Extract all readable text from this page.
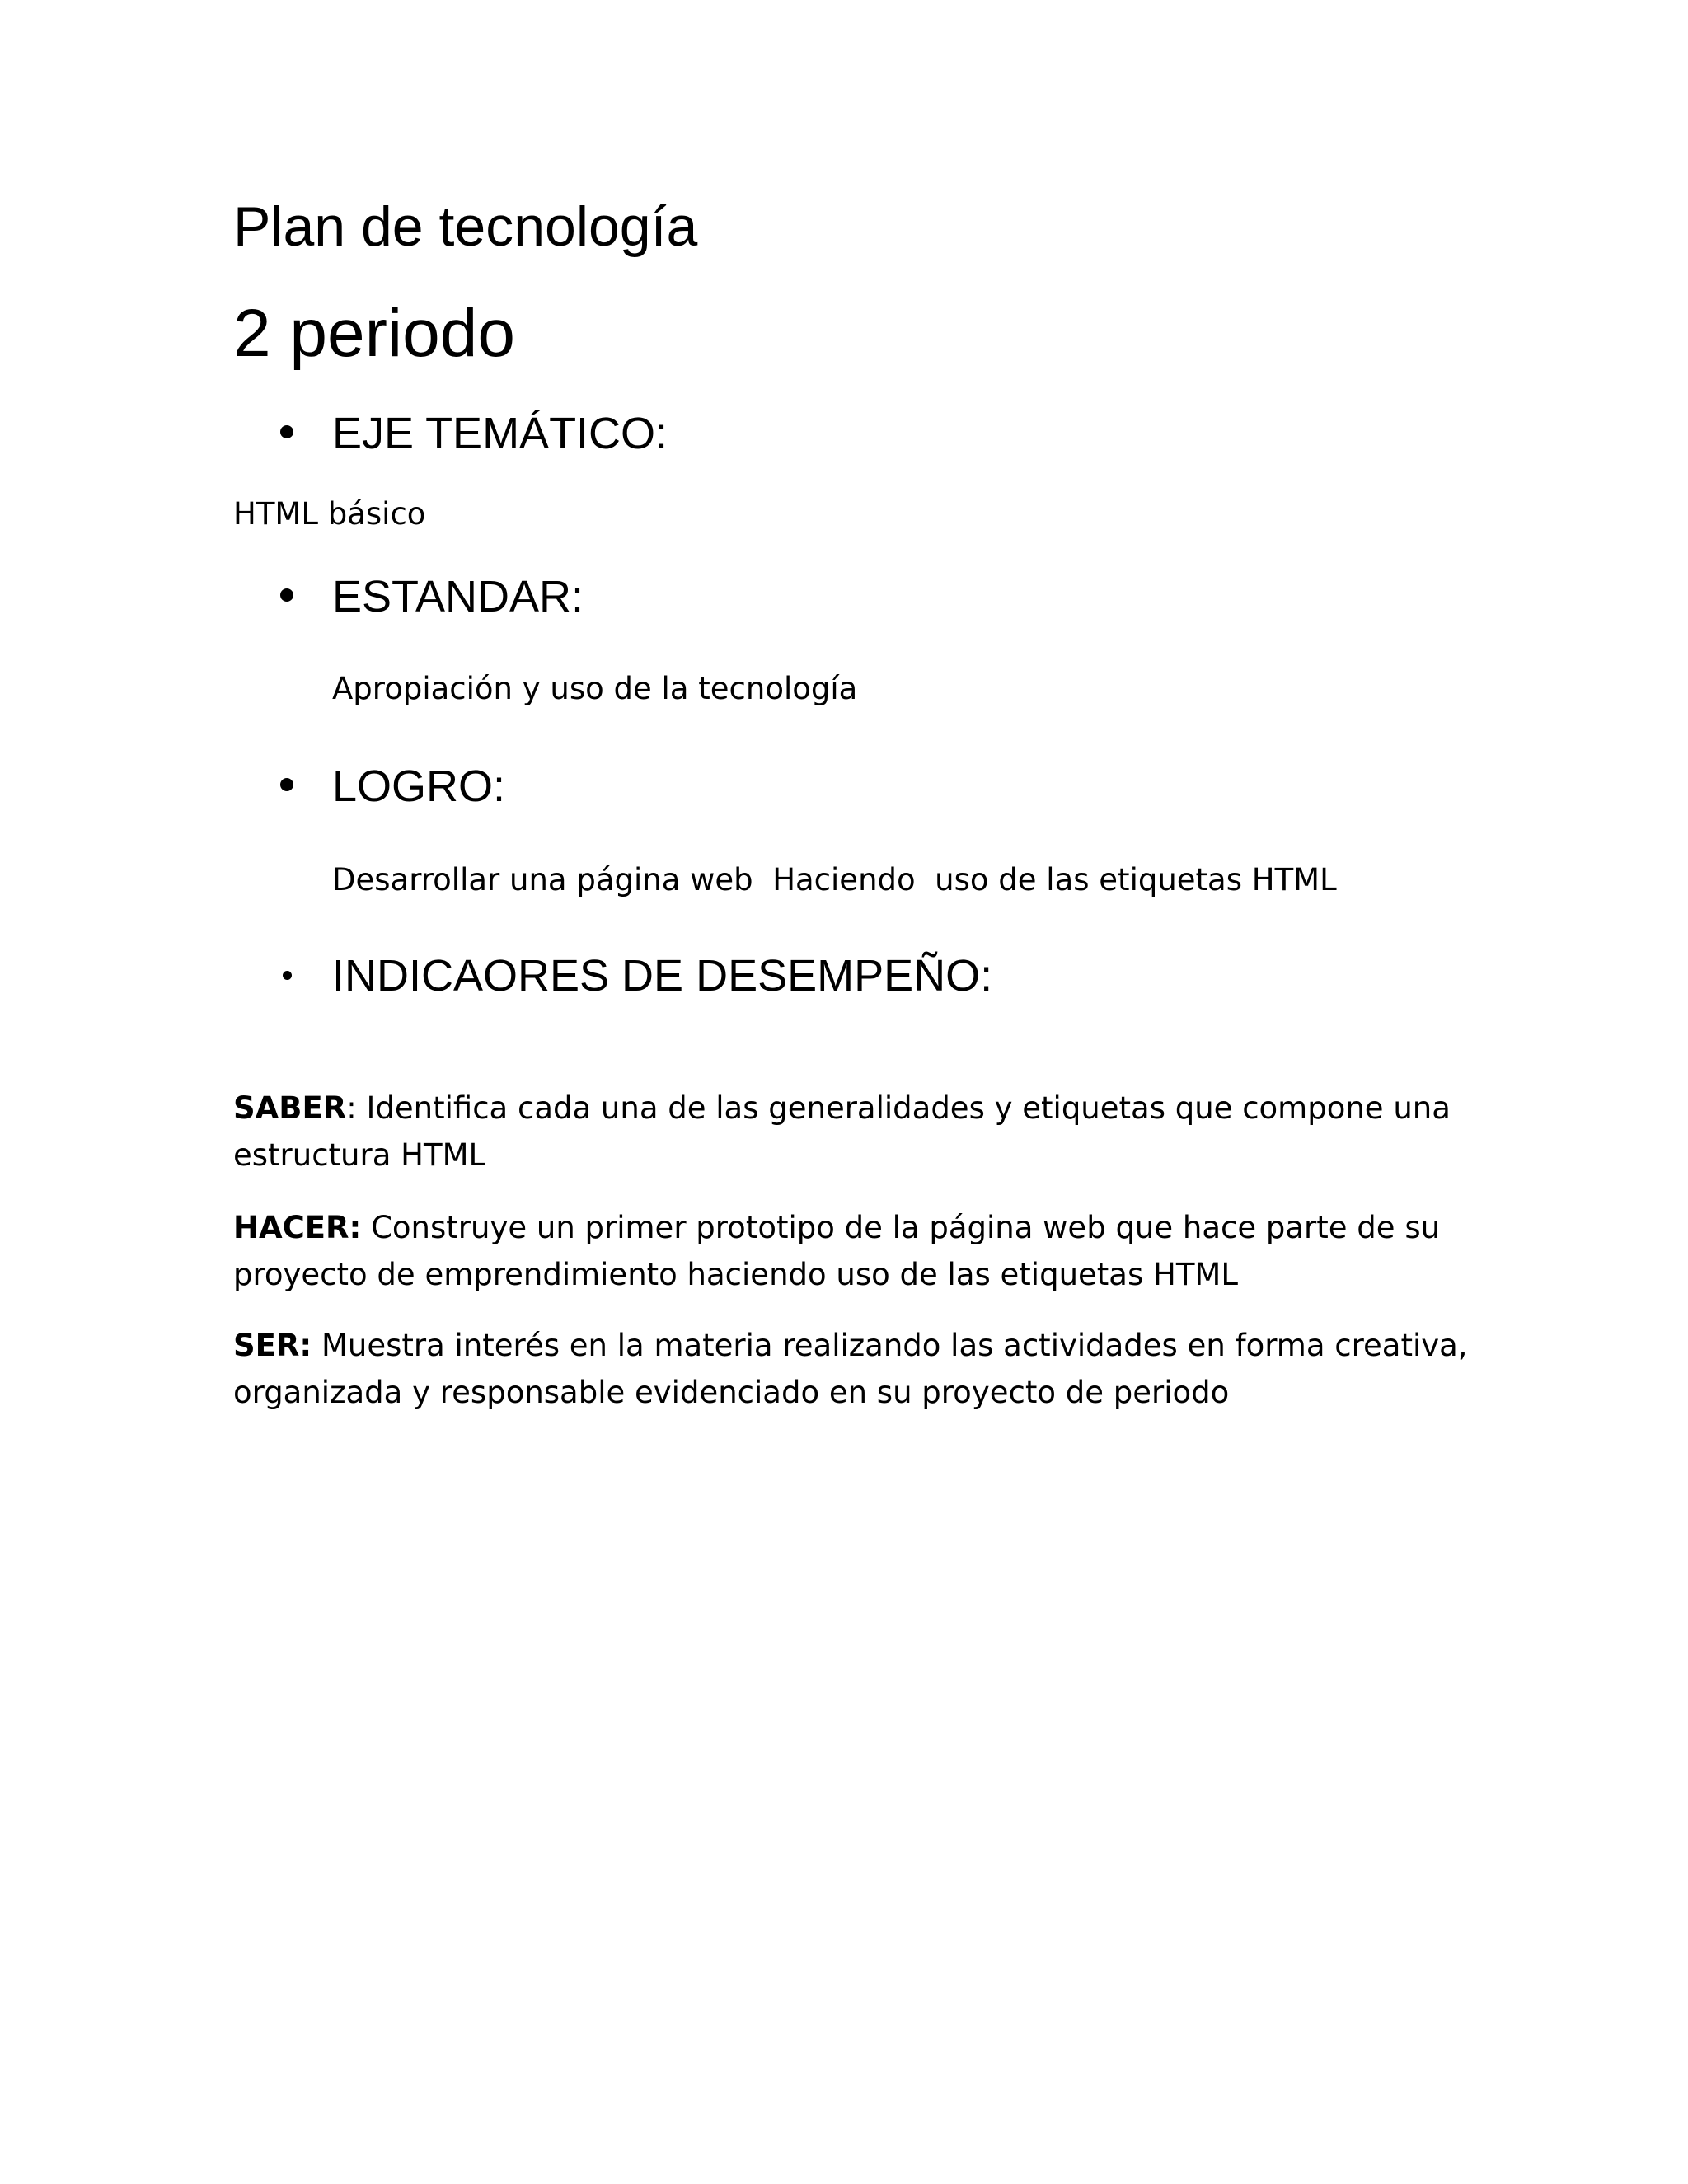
Plan de tecnología
2 periodo
EJE TEMÁTICO:

HTML básico

ESTANDAR:

Apropiación y uso de la tecnología

LOGRO:

Desarrollar una página web  Haciendo  uso de las etiquetas HTML

INDICAORES DE DESEMPEÑO:

SABER: Identifica cada una de las generalidades y etiquetas que compone una estructura HTML

HACER: Construye un primer prototipo de la página web que hace parte de su proyecto de emprendimiento haciendo uso de las etiquetas HTML

SER: Muestra interés en la materia realizando las actividades en forma creativa, organizada y responsable evidenciado en su proyecto de periodo
